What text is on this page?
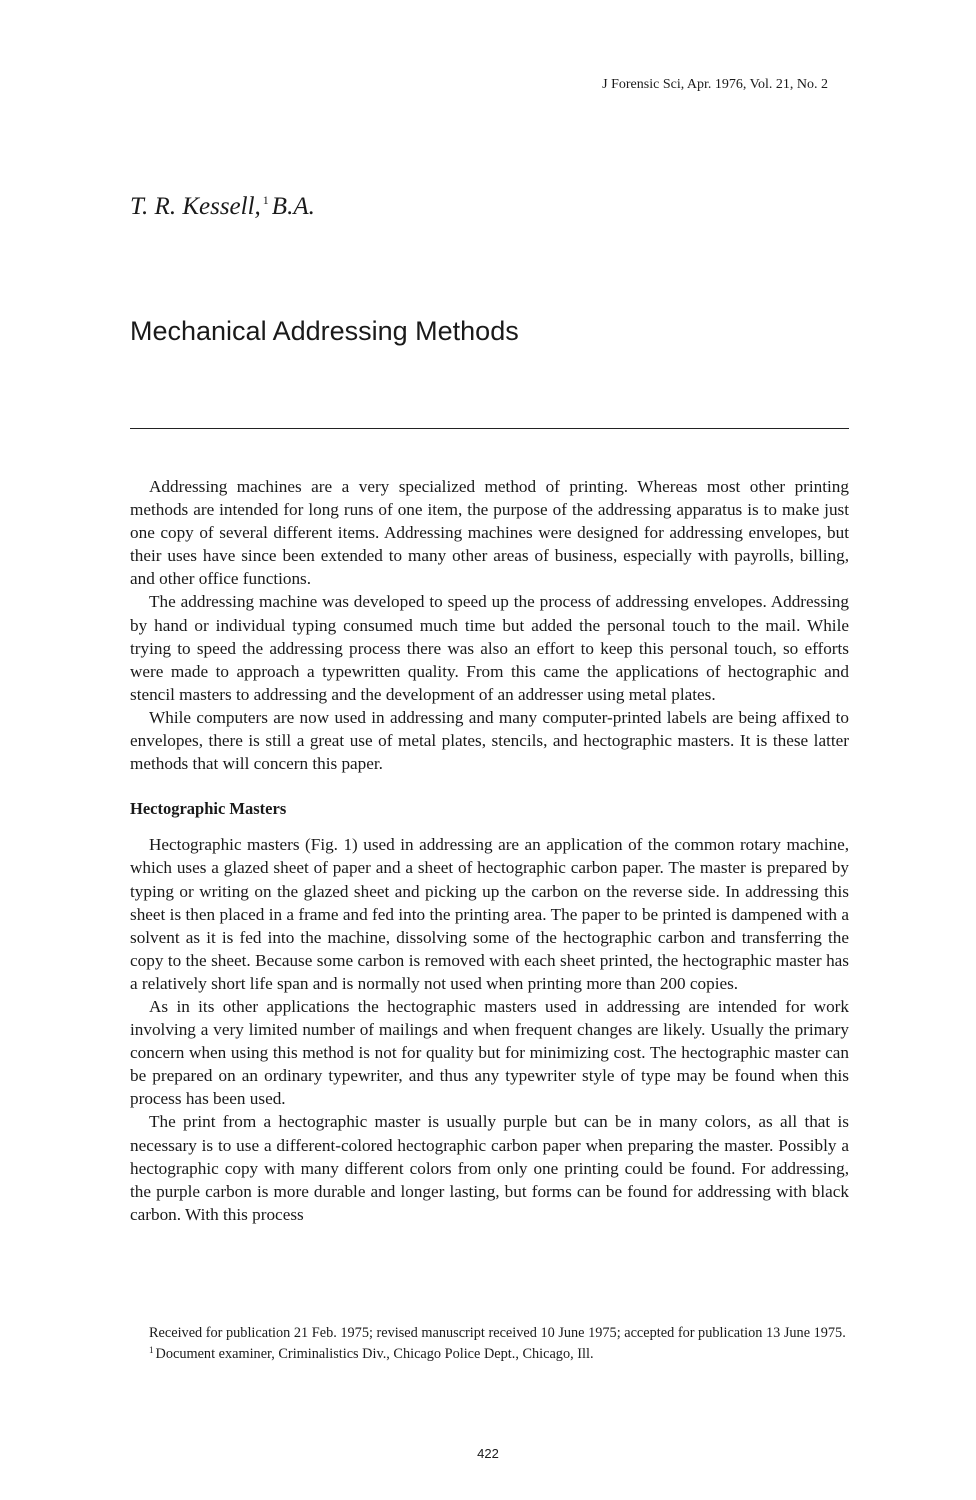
J Forensic Sci, Apr. 1976, Vol. 21, No. 2
T. R. Kessell, $^1$ B.A.
Mechanical Addressing Methods

Addressing machines are a very specialized method of printing. Whereas most other printing methods are intended for long runs of one item, the purpose of the addressing apparatus is to make just one copy of several different items. Addressing machines were designed for addressing envelopes, but their uses have since been extended to many other areas of business, especially with payrolls, billing, and other office functions.

The addressing machine was developed to speed up the process of addressing envelopes. Addressing by hand or individual typing consumed much time but added the personal touch to the mail. While trying to speed the addressing process there was also an effort to keep this personal touch, so efforts were made to approach a typewritten quality. From this came the applications of hectographic and stencil masters to addressing and the development of an addresser using metal plates.

While computers are now used in addressing and many computer-printed labels are being affixed to envelopes, there is still a great use of metal plates, stencils, and hectographic masters. It is these latter methods that will concern this paper.

Hectographic Masters

Hectographic masters (Fig. 1) used in addressing are an application of the common rotary machine, which uses a glazed sheet of paper and a sheet of hectographic carbon paper. The master is prepared by typing or writing on the glazed sheet and picking up the carbon on the reverse side. In addressing this sheet is then placed in a frame and fed into the printing area. The paper to be printed is dampened with a solvent as it is fed into the machine, dissolving some of the hectographic carbon and transferring the copy to the sheet. Because some carbon is removed with each sheet printed, the hectographic master has a relatively short life span and is normally not used when printing more than 200 copies.

As in its other applications the hectographic masters used in addressing are intended for work involving a very limited number of mailings and when frequent changes are likely. Usually the primary concern when using this method is not for quality but for minimizing cost. The hectographic master can be prepared on an ordinary typewriter, and thus any typewriter style of type may be found when this process has been used.

The print from a hectographic master is usually purple but can be in many colors, as all that is necessary is to use a different-colored hectographic carbon paper when preparing the master. Possibly a hectographic copy with many different colors from only one printing could be found. For addressing, the purple carbon is more durable and longer lasting, but forms can be found for addressing with black carbon. With this process

Received for publication 21 Feb. 1975; revised manuscript received 10 June 1975; accepted for publication 13 June 1975.

$^1$ Document examiner, Criminalistics Div., Chicago Police Dept., Chicago, Ill.

422
